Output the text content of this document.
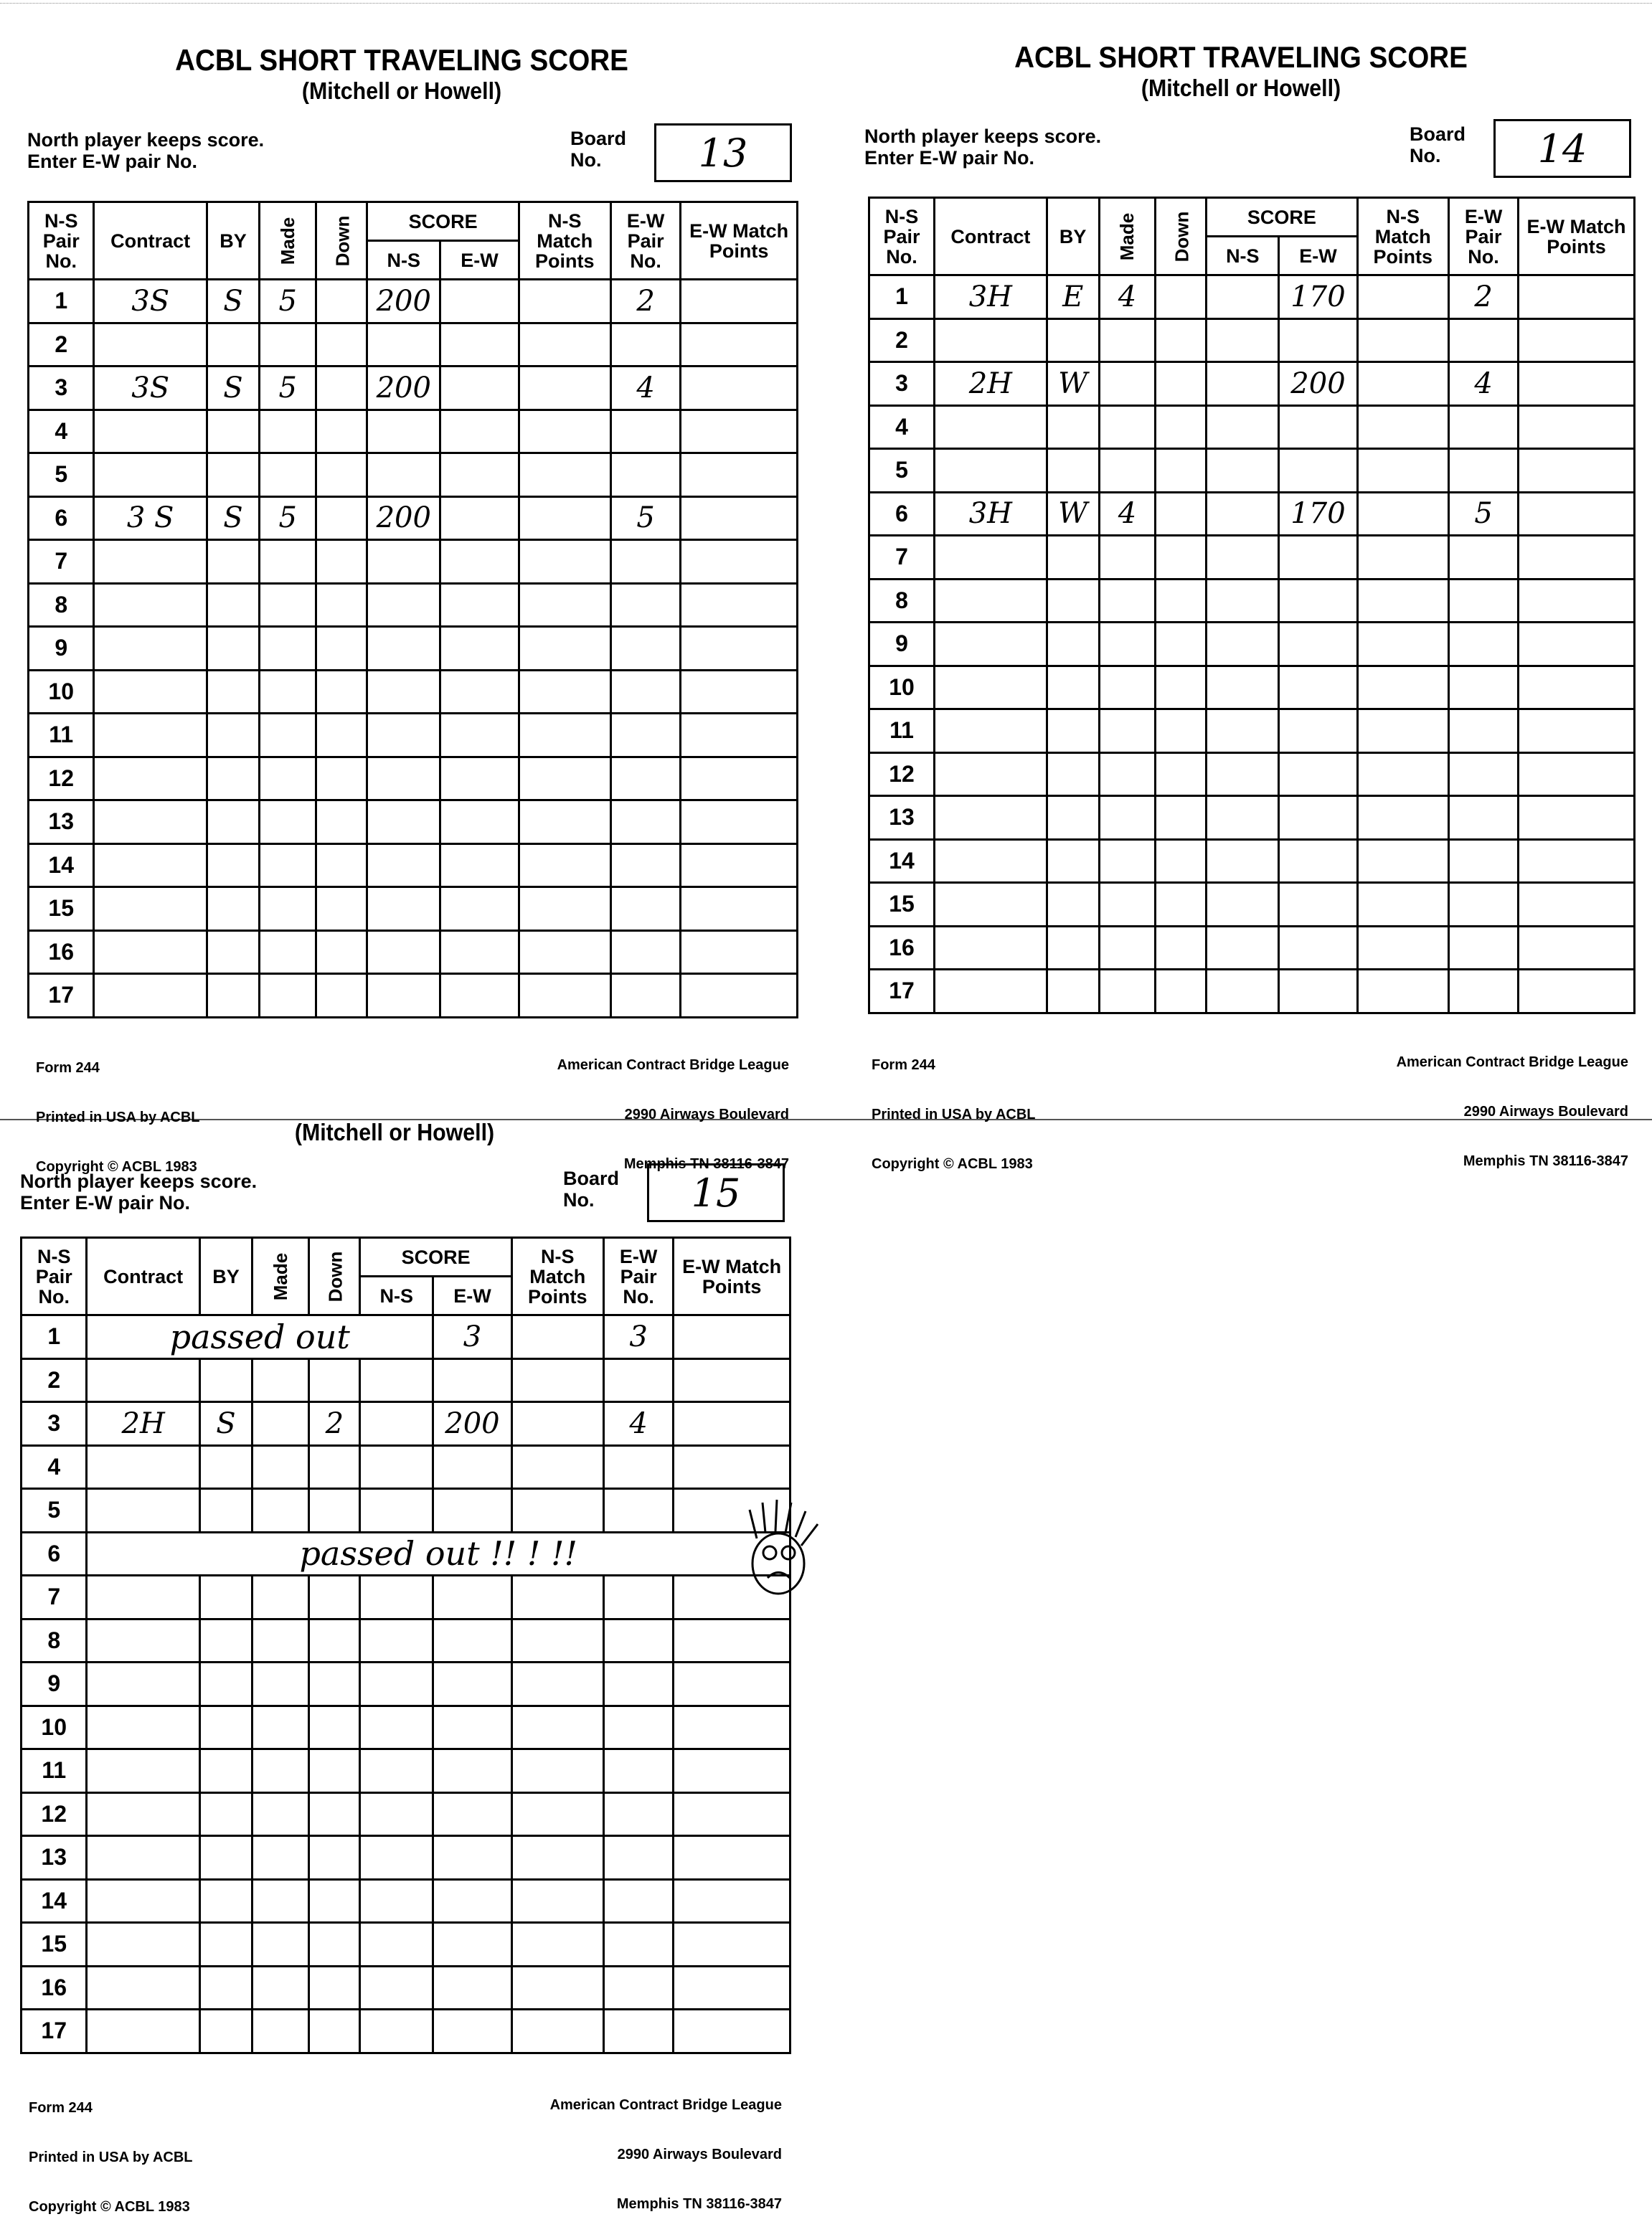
ACBL SHORT TRAVELING SCORE
(Mitchell or Howell)
North player keeps score.
Enter E-W pair No.
Board
No.	13
ACBL SHORT TRAVELING SCORE
(Mitchell or Howell)
North player keeps score.
Enter E-W pair No.
Board
No.	14
(Mitchell or Howell)
North player keeps score.
Enter E-W pair No.
Board
No.	15
N-S Pair No.	Contract	BY	Made	Down	SCORE		N-S Match Points	E-W Pair No.	E-W Match Points
					N-S	E-W			
1	3S	S	5		200			2	
2									
3	3S	S	5		200			4	
4									
5									
6	3 S	S	5		200			5	
7									
8									
9									
10									
11									
12									
13									
14									
15									
16									
17									
N-S Pair No.	Contract	BY	Made	Down	SCORE		N-S Match Points	E-W Pair No.	E-W Match Points
					N-S	E-W			
1	3H	E	4			170		2	
2									
3	2H	W				200		4	
4									
5									
6	3H	W	4			170		5	
7									
8									
9									
10									
11									
12									
13									
14									
15									
16									
17									
N-S Pair No.	Contract	BY	Made	Down	SCORE		N-S Match Points	E-W Pair No.	E-W Match Points
					N-S	E-W			
1	passed out					3		3	
2									
3	2H	S		2		200		4	
4									
5									
6	passed out !! ! !!								
7									
8									
9									
10									
11									
12									
13									
14									
15									
16									
17									

Form 244

Printed in USA by ACBL

Copyright © ACBL 1983

American Contract Bridge League

2990 Airways Boulevard

Memphis TN 38116-3847

Form 244

Printed in USA by ACBL

Copyright © ACBL 1983

American Contract Bridge League

2990 Airways Boulevard

Memphis TN 38116-3847

Form 244

Printed in USA by ACBL

Copyright © ACBL 1983

American Contract Bridge League

2990 Airways Boulevard

Memphis TN 38116-3847
